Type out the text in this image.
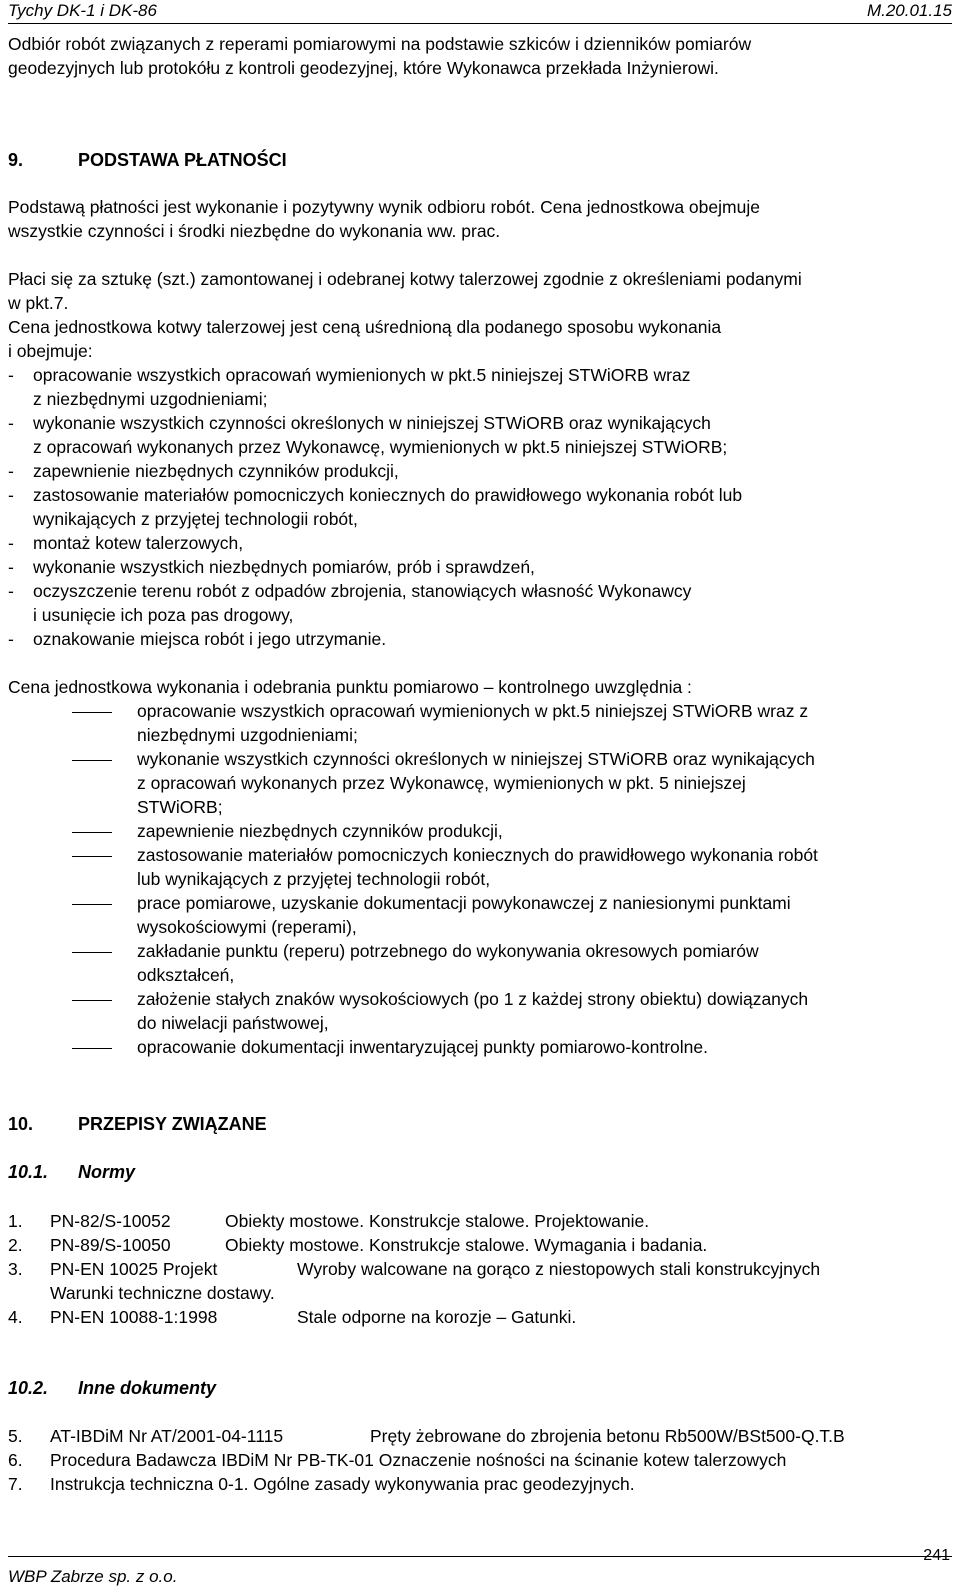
Tychy DK-1 i DK-86	M.20.01.15
Odbiór robót związanych z reperami pomiarowymi na podstawie szkiców i dzienników pomiarów
geodezyjnych lub protokółu z kontroli geodezyjnej, które Wykonawca przekłada Inżynierowi.
9.	PODSTAWA PŁATNOŚCI
Podstawą płatności jest wykonanie i pozytywny wynik odbioru robót. Cena jednostkowa obejmuje
wszystkie czynności i środki niezbędne do wykonania ww. prac.
Płaci się za sztukę (szt.) zamontowanej i odebranej kotwy talerzowej zgodnie z określeniami podanymi
w pkt.7.
Cena jednostkowa kotwy talerzowej jest ceną uśrednioną dla podanego sposobu wykonania
i obejmuje:
- opracowanie wszystkich opracowań wymienionych w pkt.5 niniejszej STWiORB wraz
z niezbędnymi uzgodnieniami;
- wykonanie wszystkich czynności określonych w niniejszej STWiORB oraz wynikających
z opracowań wykonanych przez Wykonawcę, wymienionych w pkt.5 niniejszej STWiORB;
- zapewnienie niezbędnych czynników produkcji,
- zastosowanie materiałów pomocniczych koniecznych do prawidłowego wykonania robót lub
wynikających z przyjętej technologii robót,
- montaż kotew talerzowych,
- wykonanie wszystkich niezbędnych pomiarów, prób i sprawdzeń,
- oczyszczenie terenu robót z odpadów zbrojenia, stanowiących własność Wykonawcy
i usunięcie ich poza pas drogowy,
- oznakowanie miejsca robót i jego utrzymanie.
Cena jednostkowa wykonania i odebrania punktu pomiarowo – kontrolnego uwzględnia :
opracowanie wszystkich opracowań wymienionych w pkt.5 niniejszej STWiORB wraz z
niezbędnymi uzgodnieniami;
wykonanie wszystkich czynności określonych w niniejszej STWiORB oraz wynikających
z opracowań wykonanych przez Wykonawcę, wymienionych w pkt. 5 niniejszej
STWiORB;
zapewnienie niezbędnych czynników produkcji,
zastosowanie materiałów pomocniczych koniecznych do prawidłowego wykonania robót
lub wynikających z przyjętej technologii robót,
prace pomiarowe, uzyskanie dokumentacji powykonawczej z naniesionymi punktami
wysokościowymi (reperami),
zakładanie punktu (reperu) potrzebnego do wykonywania okresowych pomiarów
odkształceń,
założenie stałych znaków wysokościowych (po 1 z każdej strony obiektu) dowiązanych
do niwelacji państwowej,
opracowanie dokumentacji inwentaryzującej punkty pomiarowo-kontrolne.
10. PRZEPISY ZWIĄZANE
10.1. Normy
1. PN-82/S-10052	Obiekty mostowe. Konstrukcje stalowe. Projektowanie.
2. PN-89/S-10050	Obiekty mostowe. Konstrukcje stalowe. Wymagania i badania.
3. PN-EN 10025 Projekt	Wyroby walcowane na gorąco z niestopowych stali konstrukcyjnych
Warunki techniczne dostawy.
4. PN-EN 10088-1:1998	Stale odporne na korozje – Gatunki.
10.2. Inne dokumenty
5. AT-IBDiM Nr AT/2001-04-1115	Pręty żebrowane do zbrojenia betonu Rb500W/BSt500-Q.T.B
6. Procedura Badawcza IBDiM Nr PB-TK-01 Oznaczenie nośności na ścinanie kotew talerzowych
7. Instrukcja techniczna 0-1. Ogólne zasady wykonywania prac geodezyjnych.
WBP Zabrze sp. z o.o.
241
